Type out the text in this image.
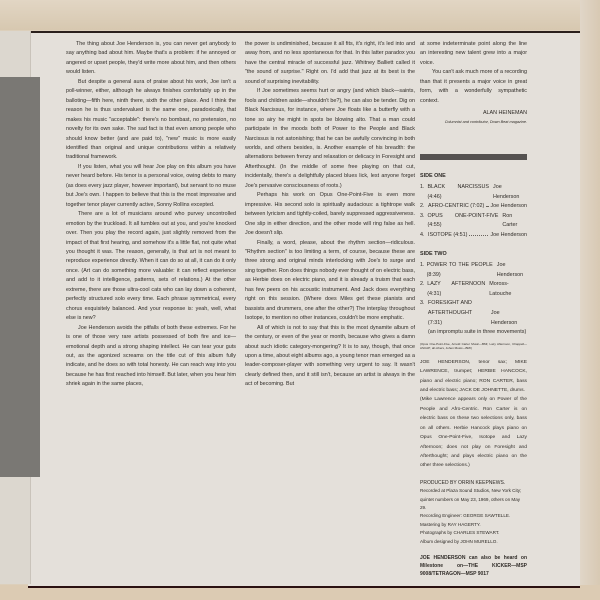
The thing about Joe Henderson is, you can never get anybody to say anything bad about him. Maybe that's a problem: if he annoyed or angered or upset people, they'd write more about him, and then others would listen.

But despite a general aura of praise about his work, Joe isn't a poll-winner, either, although he always finishes comfortably up in the balloting—fifth here, ninth there, sixth the other place. And I think the reason he is thus undervalued is the same one, paradoxically, that makes his music "acceptable": there's no bombast, no pretension, no novelty for its own sake. The sad fact is that even among people who should know better (and are paid to), "new" music is more easily identified than original and unique contributions within a relatively traditional framework.

If you listen, what you will hear Joe play on this album you have never heard before. His tenor is a personal voice, owing debts to many (as does every jazz player, however important), but servant to no muse but Joe's own. I happen to believe that this is the most impressive and together tenor player currently active, Sonny Rollins excepted.

There are a lot of musicians around who purvey uncontrolled emotion by the truckload. It all tumbles out at you, and you're knocked over. Then you play the record again, just slightly removed from the impact of that first hearing, and somehow it's a little flat, not quite what you thought it was. The reason, generally, is that art is not meant to reproduce experience directly. When it can do so at all, it can do it only once. (Art can do something more valuable: it can reflect experience and add to it intelligence, patterns, sets of relations.) At the other extreme, there are those ultra-cool cats who can lay down a coherent, perfectly structured solo every time. Each phrase symmetrical, every chorus exquisitely balanced. And your response is: yeah, well, what else is new?

Joe Henderson avoids the pitfalls of both these extremes. For he is one of those very rare artists possessed of both fire and ice—emotional depth and a strong shaping intellect. He can tear your guts out, as the agonized screams on the title cut of this album fully indicate, and he does so with total honesty. He can reach way into you because he has first reached into himself. But later, when you hear him shriek again in the same places,

the power is undiminished, because it all fits, it's right, it's led into and away from, and no less spontaneous for that. In this latter paradox you have the central miracle of successful jazz. Whitney Balliett called it "the sound of surprise." Right on. I'd add that jazz at its best is the sound of surprising inevitability.

If Joe sometimes seems hurt or angry (and which black—saints, fools and children aside—shouldn't be?), he can also be tender. Dig on Black Narcissus, for instance, where Joe floats like a butterfly with a tone so airy he might in spots be blowing alto. That a man could participate in the moods both of Power to the People and Black Narcissus is not astonishing; that he can be awfully convincing in both worlds, and others besides, is. Another example of his breadth: the alternations between frenzy and relaxation or delicacy in Foresight and Afterthought. (In the middle of some free playing on that cut, incidentally, there's a delightfully placed blues lick, lest anyone forget Joe's pervasive consciousness of roots.)

Perhaps his work on Opus One-Point-Five is even more impressive. His second solo is spiritually audacious: a tightrope walk between lyricism and tightly-coiled, barely suppressed aggressiveness. One slip in either direction, and the other mode will ring false as hell. Joe doesn't slip.

Finally, a word, please, about the rhythm section—ridiculous. "Rhythm section" is too limiting a term, of course, because these are three strong and original minds interlocking with Joe's to surge and sing together. Ron does things nobody ever thought of on electric bass, as Herbie does on electric piano, and it is already a truism that each has few peers on his acoustic instrument. And Jack does everything right on this session. (Where does Miles get these pianists and bassists and drummers, one after the other?) The interplay throughout Isotope, to mention no other instances, couldn't be more emphatic.

All of which is not to say that this is the most dynamite album of the century, or even of the year or month, because who gives a damn about such idiotic category-mongering? It is to say, though, that once upon a time, about eight albums ago, a young tenor man emerged as a leader-composer-player with something very urgent to say. It wasn't clearly defined then, and it still isn't, because an artist is always in the act of becoming. But

at some indeterminate point along the line an interesting new talent grew into a major voice.

You can't ask much more of a recording than that it presents a major voice in great form, with a wonderfully sympathetic context.

ALAN HEINEMAN
Columnist and contributor, Down Beat magazine.
SIDE ONE
1. BLACK NARCISSUS (4:46)
Joe Henderson
2. AFRO-CENTRIC (7:02) Joe Henderson
3. OPUS ONE-POINT-FIVE (4:55)
Ron Carter
4. ISOTOPE (4:51)	Joe Henderson
SIDE TWO
1. POWER TO THE PEOPLE (8:39)
Joe Henderson
2. LAZY AFTERNOON (4:31)
Moross-Latouche
3. FORESIGHT AND
AFTERTHOUGHT (7:31)
Joe Henderson
(an impromptu suite in three movements)
(Opus One-Point-Five, Arnold Carter Music—BMI; Lazy Afternoon, Chappell—ASCAP; all others, Johen Music—BMI)
JOE HENDERSON, tenor sax; MIKE LAWRENCE, trumpet; HERBIE HANCOCK, piano and electric piano; RON CARTER, bass and electric bass; JACK DE JOHNETTE, drums.
(Mike Lawrence appears only on Power of the People and Afro-Centric. Ron Carter is on electric bass on these two selections only, bass on all others. Herbie Hancock plays piano on Opus One-Point-Five, Isotope and Lazy Afternoon; does not play on Foresight and Afterthought; and plays electric piano on the other three selections.)
PRODUCED BY ORRIN KEEPNEWS.
Recorded at Plaza Sound Studios, New York City;
quintet numbers on May 23, 1969, others on May 29.
Recording Engineer: GEORGE SAWTELLE.
Mastering by RAY HAGERTY.
Photographs by CHARLES STEWART.
Album designed by JOHN MURELLO.
JOE HENDERSON can also be heard on Milestone on—THE KICKER—MSP 9008/TETRAGON—MSP 9017
